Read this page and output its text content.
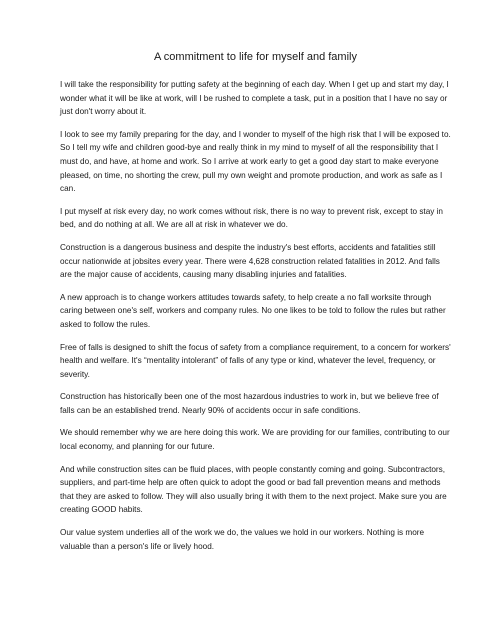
A commitment to life for myself and family

I will take the responsibility for putting safety at the beginning of each day. When I get up and start my day, I wonder what it will be like at work, will I be rushed to complete a task, put in a position that I have no say or just don't worry about it.

I look to see my family preparing for the day, and I wonder to myself of the high risk that I will be exposed to. So I tell my wife and children good-bye and really think in my mind to myself of all the responsibility that I must do, and have, at home and work. So I arrive at work early to get a good day start to make everyone pleased, on time, no shorting the crew, pull my own weight and promote production, and work as safe as I can.

I put myself at risk every day, no work comes without risk, there is no way to prevent risk, except to stay in bed, and do nothing at all. We are all at risk in whatever we do.

Construction is a dangerous business and despite the industry's best efforts, accidents and fatalities still occur nationwide at jobsites every year. There were 4,628 construction related fatalities in 2012. And falls are the major cause of accidents, causing many disabling injuries and fatalities.

A new approach is to change workers attitudes towards safety, to help create a no fall worksite through caring between one's self, workers and company rules. No one likes to be told to follow the rules but rather asked to follow the rules.

Free of falls is designed to shift the focus of safety from a compliance requirement, to a concern for workers' health and welfare. It's “mentality intolerant” of falls of any type or kind, whatever the level, frequency, or severity.

Construction has historically been one of the most hazardous industries to work in, but we believe free of falls can be an established trend. Nearly 90% of accidents occur in safe conditions.

We should remember why we are here doing this work. We are providing for our families, contributing to our local economy, and planning for our future.

And while construction sites can be fluid places, with people constantly coming and going. Subcontractors, suppliers, and part-time help are often quick to adopt the good or bad fall prevention means and methods that they are asked to follow. They will also usually bring it with them to the next project. Make sure you are creating GOOD habits.

Our value system underlies all of the work we do, the values we hold in our workers. Nothing is more valuable than a person's life or lively hood.
